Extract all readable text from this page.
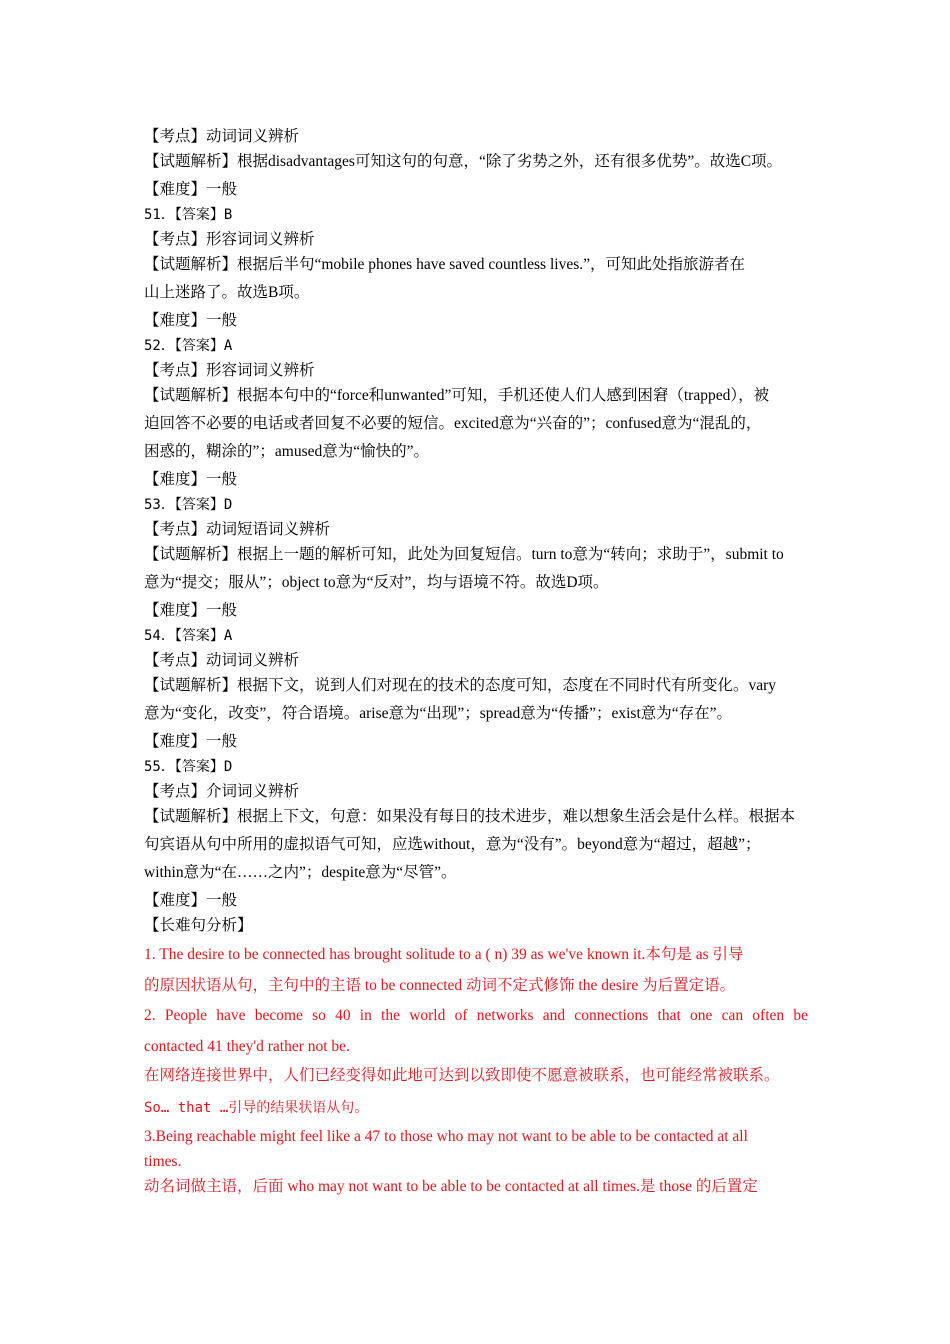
【考点】动词词义辨析
【试题解析】根据disadvantages可知这句的句意，“除了劣势之外，还有很多优势”。故选C项。
【难度】一般
51．【答案】B
【考点】形容词词义辨析
【试题解析】根据后半句“mobile phones have saved countless lives.”，可知此处指旅游者在
山上迷路了。故选B项。
【难度】一般
52．【答案】A
【考点】形容词词义辨析
【试题解析】根据本句中的“force和unwanted”可知，手机还使人们人感到困窘（trapped），被
迫回答不必要的电话或者回复不必要的短信。excited意为“兴奋的”；confused意为“混乱的，
困惑的，糊涂的”；amused意为“愉快的”。
【难度】一般
53．【答案】D
【考点】动词短语词义辨析
【试题解析】根据上一题的解析可知，此处为回复短信。turn to意为“转向；求助于”，submit to
意为“提交；服从”；object to意为“反对”，均与语境不符。故选D项。
【难度】一般
54．【答案】A
【考点】动词词义辨析
【试题解析】根据下文，说到人们对现在的技术的态度可知，态度在不同时代有所变化。vary
意为“变化，改变”，符合语境。arise意为“出现”；spread意为“传播”；exist意为“存在”。
【难度】一般
55．【答案】D
【考点】介词词义辨析
【试题解析】根据上下文，句意：如果没有每日的技术进步，难以想象生活会是什么样。根据本
句宾语从句中所用的虚拟语气可知，应选without，意为“没有”。beyond意为“超过，超越”；
within意为“在……之内”；despite意为“尽管”。
【难度】一般
【长难句分析】
1. The desire to be connected has brought solitude to a ( n) 39 as we've known it.本句是 as 引导
的原因状语从句，主句中的主语 to be connected 动词不定式修饰 the desire 为后置定语。
2. People have become so 40 in the world of networks and connections that one can often be
contacted 41 they'd rather not be.
在网络连接世界中，人们已经变得如此地可达到以致即使不愿意被联系，也可能经常被联系。
So… that …引导的结果状语从句。
3.Being reachable might feel like a 47 to those who may not want to be able to be contacted at all
times.
动名词做主语，后面 who may not want to be able to be contacted at all times.是 those 的后置定
